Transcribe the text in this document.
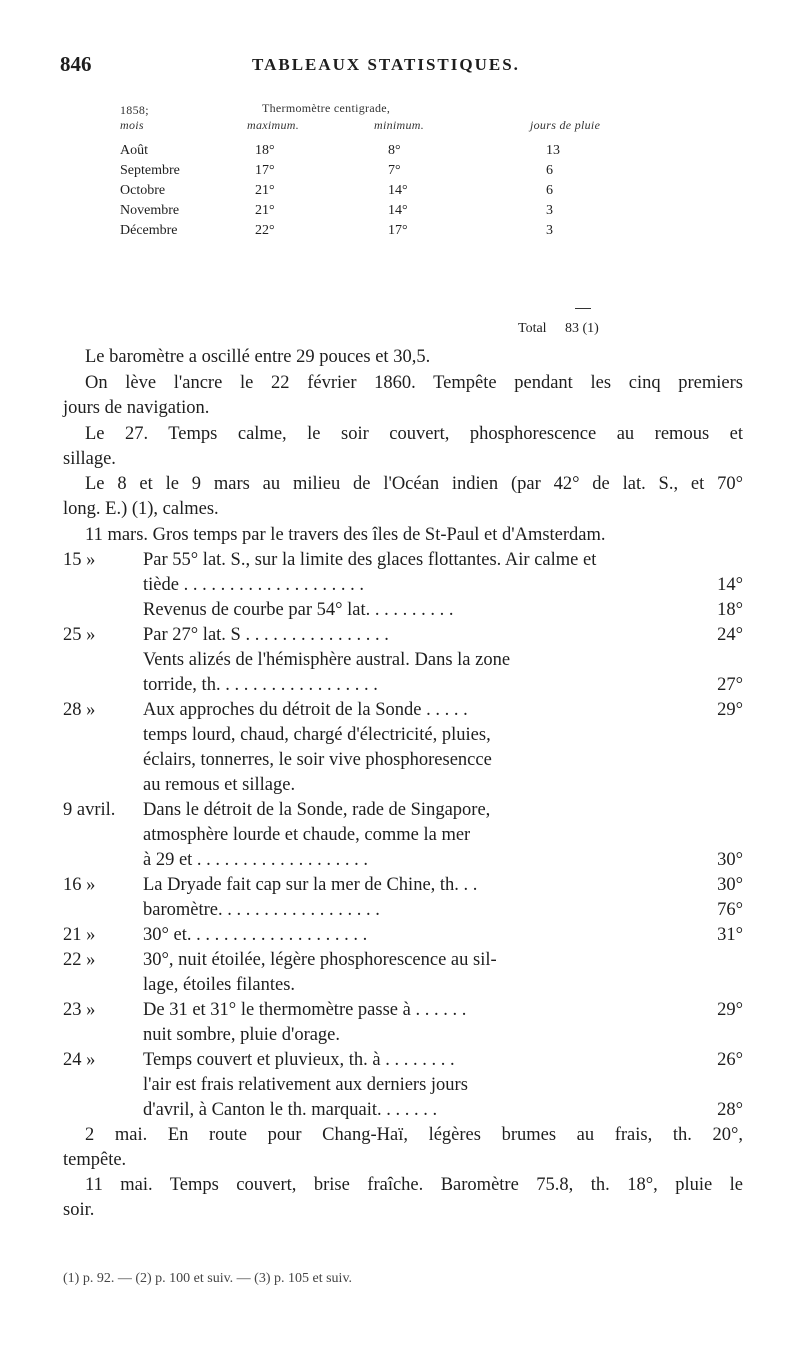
846	TABLEAUX STATISTIQUES.
1858;	Thermomètre centigrade,
mois	maximum.	minimum.	jours de pluie
Août	18°	8°	13
Septembre	17°	7°	6
Octobre	21°	14°	6
Novembre	21°	14°	3
Décembre	22°	17°	3
Total 83 (1)
Le baromètre a oscillé entre 29 pouces et 30,5.
On lève l'ancre le 22 février 1860. Tempête pendant les cinq premiers
jours de navigation.
Le 27. Temps calme, le soir couvert, phosphorescence au remous et
sillage.
Le 8 et le 9 mars au milieu de l'Océan indien (par 42° de lat. S., et 70°
long. E.) (1), calmes.
11 mars. Gros temps par le travers des îles de St-Paul et d'Amsterdam.
15 »	Par 55° lat. S., sur la limite des glaces flottantes. Air calme et
tiède . . . . . . . . . . . . . . . . . . . .	14°
Revenus de courbe par 54° lat. . . . . . . . . .	18°
25 »	Par 27° lat. S . . . . . . . . . . . . . . . .	24°
Vents alizés de l'hémisphère austral. Dans la zone
torride, th. . . . . . . . . . . . . . . . . .	27°
28 »	Aux approches du détroit de la Sonde . . . . .	29°
temps lourd, chaud, chargé d'électricité, pluies,
éclairs, tonnerres, le soir vive phosphoresencce
au remous et sillage.
9 avril. Dans le détroit de la Sonde, rade de Singapore,
atmosphère lourde et chaude, comme la mer
à 29 et . . . . . . . . . . . . . . . . . . .	30°
16 »	La Dryade fait cap sur la mer de Chine, th. . .	30°
baromètre. . . . . . . . . . . . . . . . . .	76°
21 »	30° et. . . . . . . . . . . . . . . . . . . .	31°
22 »	30°, nuit étoilée, légère phosphorescence au sil-
lage, étoiles filantes.
23 »	De 31 et 31° le thermomètre passe à . . . . . .	29°
nuit sombre, pluie d'orage.
24 »	Temps couvert et pluvieux, th. à . . . . . . . .	26°
l'air est frais relativement aux derniers jours
d'avril, à Canton le th. marquait. . . . . . .	28°
2 mai. En route pour Chang-Haï, légères brumes au frais, th. 20°,
tempête.
11 mai. Temps couvert, brise fraîche. Baromètre 75.8, th. 18°, pluie le
soir.
(1) p. 92. — (2) p. 100 et suiv. — (3) p. 105 et suiv.
